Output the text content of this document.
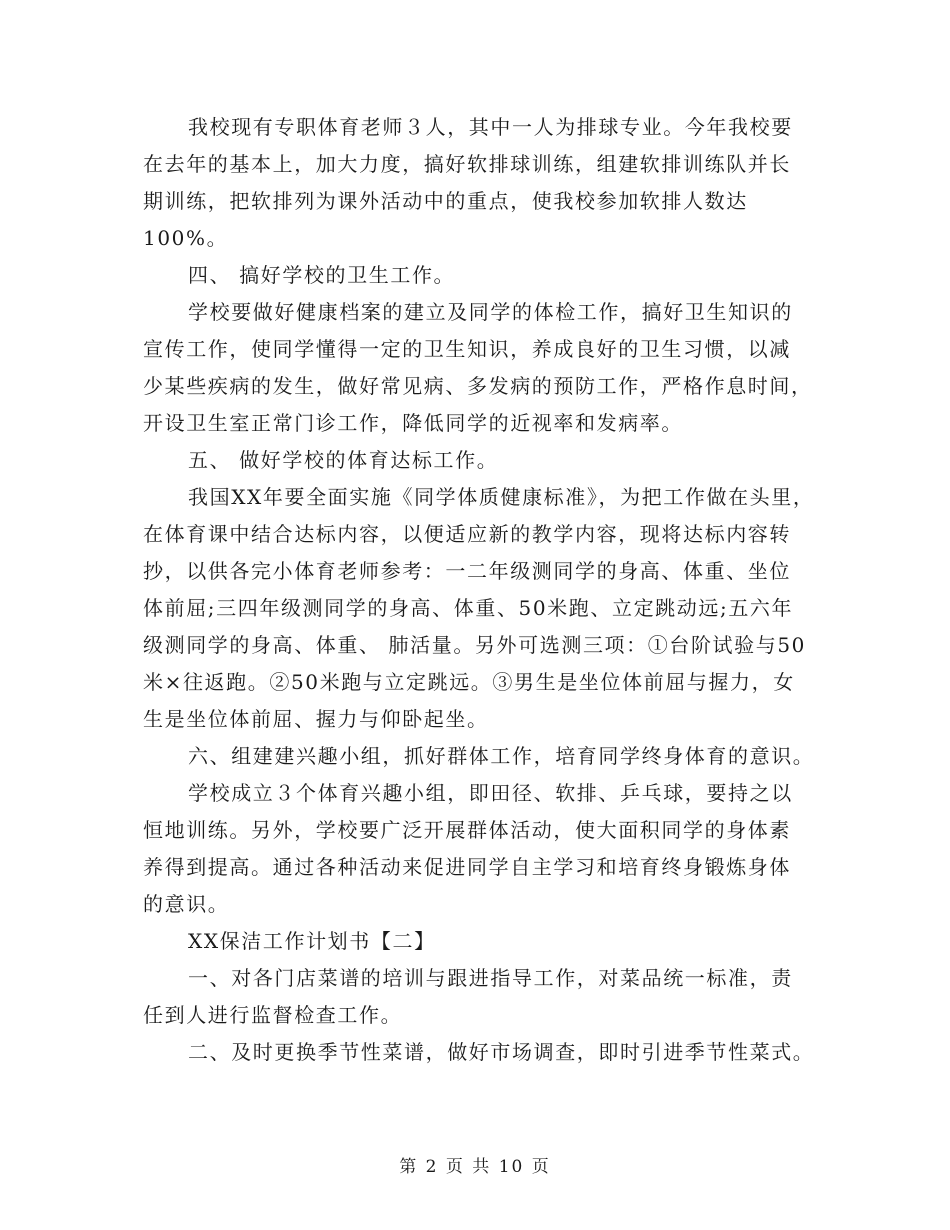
我校现有专职体育老师３人，其中一人为排球专业。今年我校要
在去年的基本上，加大力度，搞好软排球训练，组建软排训练队并长
期训练，把软排列为课外活动中的重点，使我校参加软排人数达
100%。
四、 搞好学校的卫生工作。
学校要做好健康档案的建立及同学的体检工作，搞好卫生知识的
宣传工作，使同学懂得一定的卫生知识，养成良好的卫生习惯，以减
少某些疾病的发生，做好常见病、多发病的预防工作，严格作息时间，
开设卫生室正常门诊工作，降低同学的近视率和发病率。
五、 做好学校的体育达标工作。
我国XX年要全面实施《同学体质健康标准》，为把工作做在头里，
在体育课中结合达标内容，以便适应新的教学内容，现将达标内容转
抄，以供各完小体育老师参考：一二年级测同学的身高、体重、坐位
体前屈;三四年级测同学的身高、体重、50米跑、立定跳动远;五六年
级测同学的身高、体重、 肺活量。另外可选测三项：①台阶试验与50
米×往返跑。②50米跑与立定跳远。③男生是坐位体前屈与握力，女
生是坐位体前屈、握力与仰卧起坐。
六、组建建兴趣小组，抓好群体工作，培育同学终身体育的意识。
学校成立３个体育兴趣小组，即田径、软排、乒乓球，要持之以
恒地训练。另外，学校要广泛开展群体活动，使大面积同学的身体素
养得到提高。通过各种活动来促进同学自主学习和培育终身锻炼身体
的意识。
XX保洁工作计划书【二】
一、对各门店菜谱的培训与跟进指导工作，对菜品统一标准，责
任到人进行监督检查工作。
二、及时更换季节性菜谱，做好市场调查，即时引进季节性菜式。
第 2 页 共 10 页
